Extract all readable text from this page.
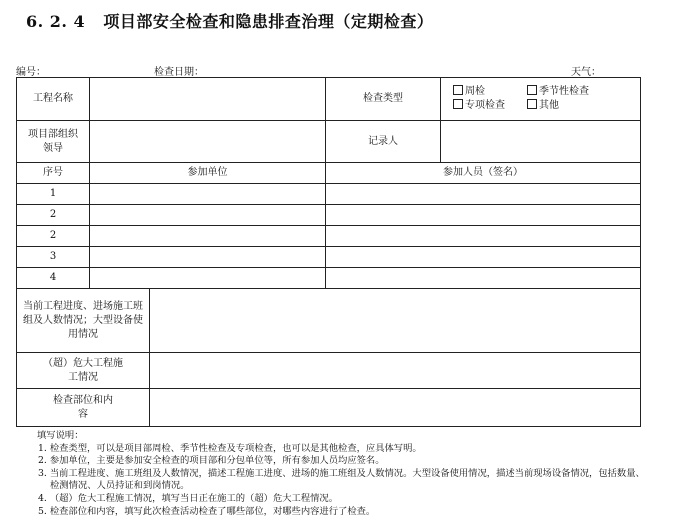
6. 2. 4 项目部安全检查和隐患排查治理（定期检查）
编号：	检查日期：	天气：
工程名称			检查类型	周检 季节性检查
专项检查 其他
项目部组织领导			记录人	
序号	参加单位		参加人员（签名）	
1				
2				
2				
3				
4				
当前工程进度、进场施工班组及人数情况；大型设备使用情况				
（超）危大工程施工情况				
检查部位和内容				
填写说明：
1. 检查类型，可以是项目部周检、季节性检查及专项检查，也可以是其他检查，应具体写明。
2. 参加单位，主要是参加安全检查的项目部和分包单位等，所有参加人员均应签名。
3. 当前工程进度、施工班组及人数情况，描述工程施工进度、进场的施工班组及人数情况。大型设备使用情况，描述当前现场设备情况，包括数量、检测情况、人员持证和到岗情况。
4. （超）危大工程施工情况，填写当日正在施工的（超）危大工程情况。
5. 检查部位和内容，填写此次检查活动检查了哪些部位，对哪些内容进行了检查。
